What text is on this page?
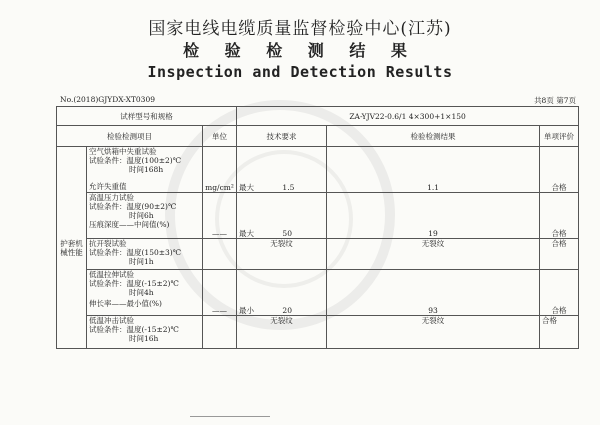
国家电线电缆质量监督检验中心(江苏)
检 验 检 测 结 果
Inspection and Detection Results
No.(2018)GJYDX-XT0309	共8页 第7页
试样型号和规格			ZA-YJV22-0.6/1 4×300+1×150		
检验检测项目		单位	技术要求	检验检测结果	单项评价
护套机械性能	空气烘箱中失重试验
试验条件：温度(100±2)℃
时间168h
允许失重值	mg/cm²	最大 1.5	1.1	合格

	高温压力试验
试验条件：温度(90±2)℃
时间6h
压痕深度——中间值(%)	——	最大 50	19	合格

	抗开裂试验
试验条件：温度(150±3)℃
时间1h		无裂纹	无裂纹	合格

	低温拉伸试验
试验条件：温度(-15±2)℃
时间4h
伸长率——最小值(%)	——	最小 20	93	合格

	低温冲击试验
试验条件：温度(-15±2)℃
时间16h		无裂纹	无裂纹	合格
